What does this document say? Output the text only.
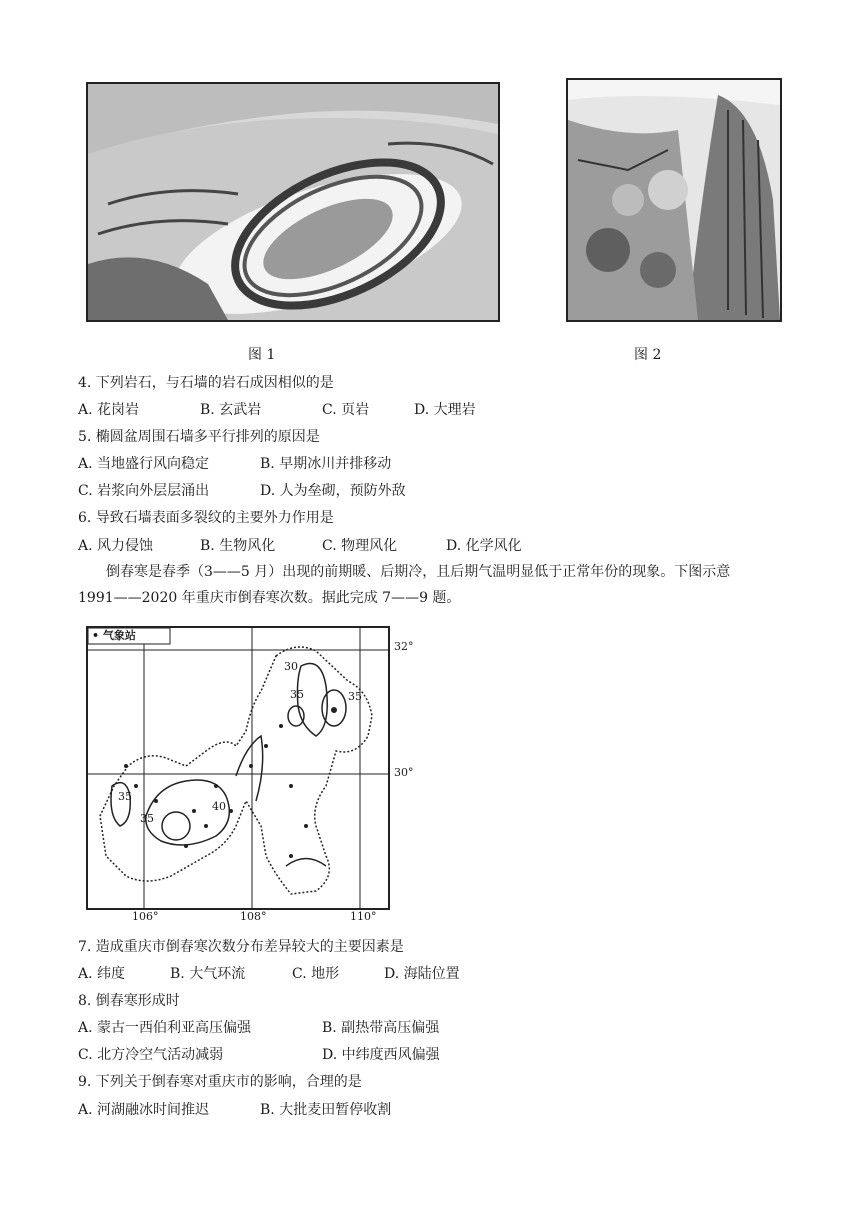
图 1	图 2
4. 下列岩石，与石墙的岩石成因相似的是
A. 花岗岩	B. 玄武岩	C. 页岩	D. 大理岩
5. 椭圆盆周围石墙多平行排列的原因是
A. 当地盛行风向稳定	B. 早期冰川并排移动
C. 岩浆向外层层涌出	D. 人为垒砌，预防外敌
6. 导致石墙表面多裂纹的主要外力作用是
A. 风力侵蚀	B. 生物风化	C. 物理风化	D. 化学风化
倒春寒是春季（3——5 月）出现的前期暖、后期冷，且后期气温明显低于正常年份的现象。下图示意
1991——2020 年重庆市倒春寒次数。据此完成 7——9 题。
• 气象站
32°
30°
106°	108°	110°
30
35	35
35
40
35
7. 造成重庆市倒春寒次数分布差异较大的主要因素是
A. 纬度	B. 大气环流	C. 地形	D. 海陆位置
8. 倒春寒形成时
A. 蒙古一西伯利亚高压偏强	B. 副热带高压偏强
C. 北方冷空气活动减弱	D. 中纬度西风偏强
9. 下列关于倒春寒对重庆市的影响，合理的是
A. 河湖融冰时间推迟	B. 大批麦田暂停收割
